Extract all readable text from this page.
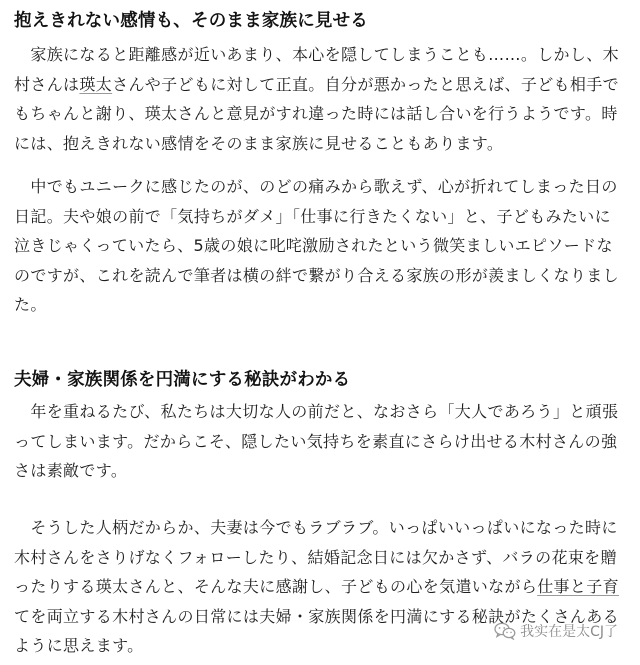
抱えきれない感情も、そのまま家族に見せる
　家族になると距離感が近いあまり、本心を隠してしまうことも……。しかし、木
村さんは瑛太さんや子どもに対して正直。自分が悪かったと思えば、子ども相手で
もちゃんと謝り、瑛太さんと意見がすれ違った時には話し合いを行うようです。時
には、抱えきれない感情をそのまま家族に見せることもあります。
　中でもユニークに感じたのが、のどの痛みから歌えず、心が折れてしまった日の
日記。夫や娘の前で「気持ちがダメ」「仕事に行きたくない」と、子どもみたいに
泣きじゃくっていたら、5歳の娘に叱咤激励されたという微笑ましいエピソードな
のですが、これを読んで筆者は横の絆で繋がり合える家族の形が羨ましくなりまし
た。
夫婦・家族関係を円満にする秘訣がわかる
　年を重ねるたび、私たちは大切な人の前だと、なおさら「大人であろう」と頑張
ってしまいます。だからこそ、隠したい気持ちを素直にさらけ出せる木村さんの強
さは素敵です。
　そうした人柄だからか、夫妻は今でもラブラブ。いっぱいいっぱいになった時に
木村さんをさりげなくフォローしたり、結婚記念日には欠かさず、バラの花束を贈
ったりする瑛太さんと、そんな夫に感謝し、子どもの心を気遣いながら仕事と子育
てを両立する木村さんの日常には夫婦・家族関係を円満にする秘訣がたくさんある
ように思えます。
我实在是太CJ了
